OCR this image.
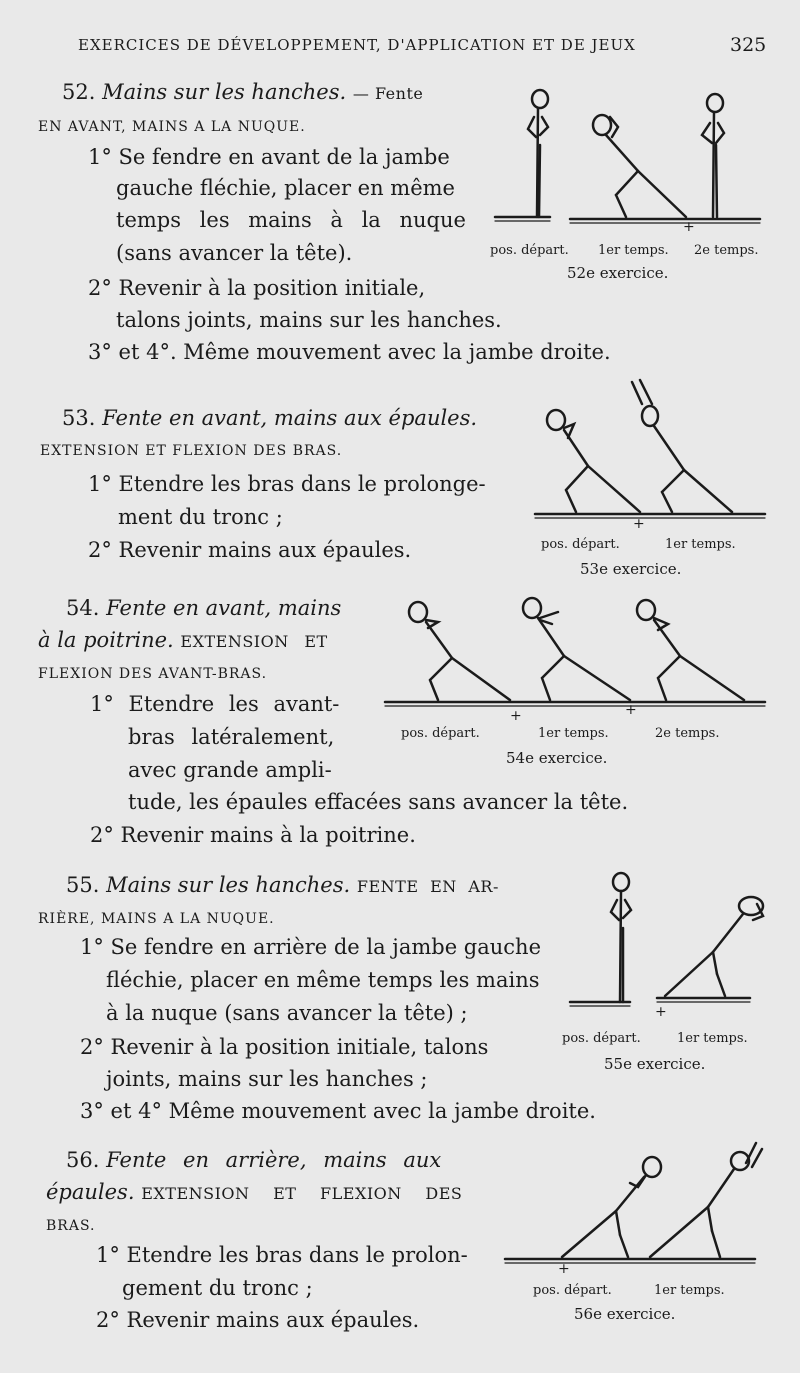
EXERCICES DE DÉVELOPPEMENT, D'APPLICATION ET DE JEUX	325
52. Mains sur les hanches. — Fente
EN AVANT, MAINS A LA NUQUE.
1° Se fendre en avant de la jambe
gauche fléchie, placer en même
temps les mains à la nuque
(sans avancer la tête).
2° Revenir à la position initiale,
talons joints, mains sur les hanches.
3° et 4°. Même mouvement avec la jambe droite.
+
pos. départ. 1er temps. 2e temps.
52e exercice.
53. Fente en avant, mains aux épaules.
EXTENSION ET FLEXION DES BRAS.
1° Etendre les bras dans le prolonge-
ment du tronc ;
2° Revenir mains aux épaules.
+
pos. départ.	1er temps.
53e exercice.
54. Fente en avant, mains
à la poitrine. EXTENSION ET
FLEXION DES AVANT-BRAS.
1° Etendre les avant-
bras latéralement,
avec grande ampli-
tude, les épaules effacées sans avancer la tête.
2° Revenir mains à la poitrine.
+	+
pos. départ.	1er temps.	2e temps.
54e exercice.
55. Mains sur les hanches. FENTE EN AR-
RIÈRE, MAINS A LA NUQUE.
1° Se fendre en arrière de la jambe gauche
fléchie, placer en même temps les mains
à la nuque (sans avancer la tête) ;
2° Revenir à la position initiale, talons
joints, mains sur les hanches ;
3° et 4° Même mouvement avec la jambe droite.
+
pos. départ.	1er temps.
55e exercice.
56. Fente en arrière, mains aux
épaules. EXTENSION ET FLEXION DES
BRAS.
1° Etendre les bras dans le prolon-
gement du tronc ;
2° Revenir mains aux épaules.
+
pos. départ.	1er temps.
56e exercice.
